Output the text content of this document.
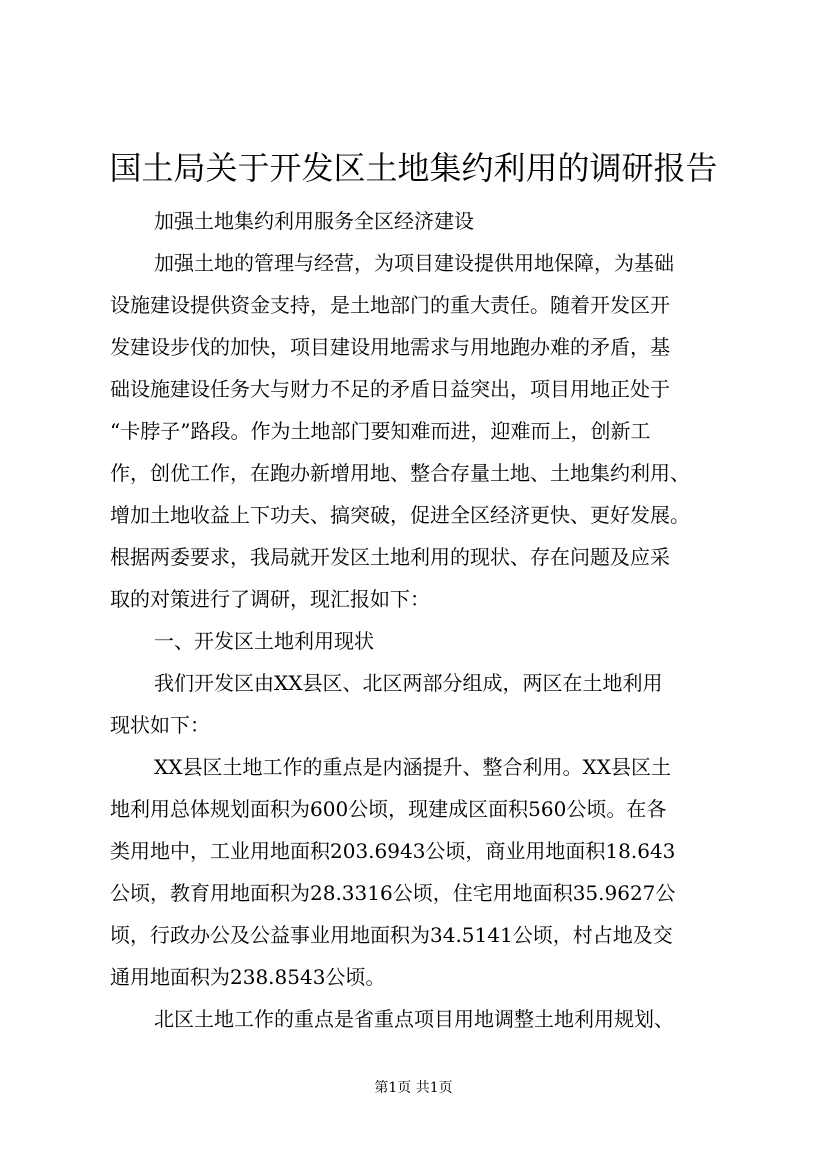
国土局关于开发区土地集约利用的调研报告
加强土地集约利用服务全区经济建设
加强土地的管理与经营，为项目建设提供用地保障，为基础
设施建设提供资金支持，是土地部门的重大责任。随着开发区开
发建设步伐的加快，项目建设用地需求与用地跑办难的矛盾，基
础设施建设任务大与财力不足的矛盾日益突出，项目用地正处于
“卡脖子”路段。作为土地部门要知难而进，迎难而上，创新工
作，创优工作，在跑办新增用地、整合存量土地、土地集约利用、
增加土地收益上下功夫、搞突破，促进全区经济更快、更好发展。
根据两委要求，我局就开发区土地利用的现状、存在问题及应采
取的对策进行了调研，现汇报如下：
一、开发区土地利用现状
我们开发区由XX县区、北区两部分组成，两区在土地利用
现状如下：
XX县区土地工作的重点是内涵提升、整合利用。XX县区土
地利用总体规划面积为600公顷，现建成区面积560公顷。在各
类用地中，工业用地面积203.6943公顷，商业用地面积18.643
公顷，教育用地面积为28.3316公顷，住宅用地面积35.9627公
顷，行政办公及公益事业用地面积为34.5141公顷，村占地及交
通用地面积为238.8543公顷。
北区土地工作的重点是省重点项目用地调整土地利用规划、
第1页 共1页
